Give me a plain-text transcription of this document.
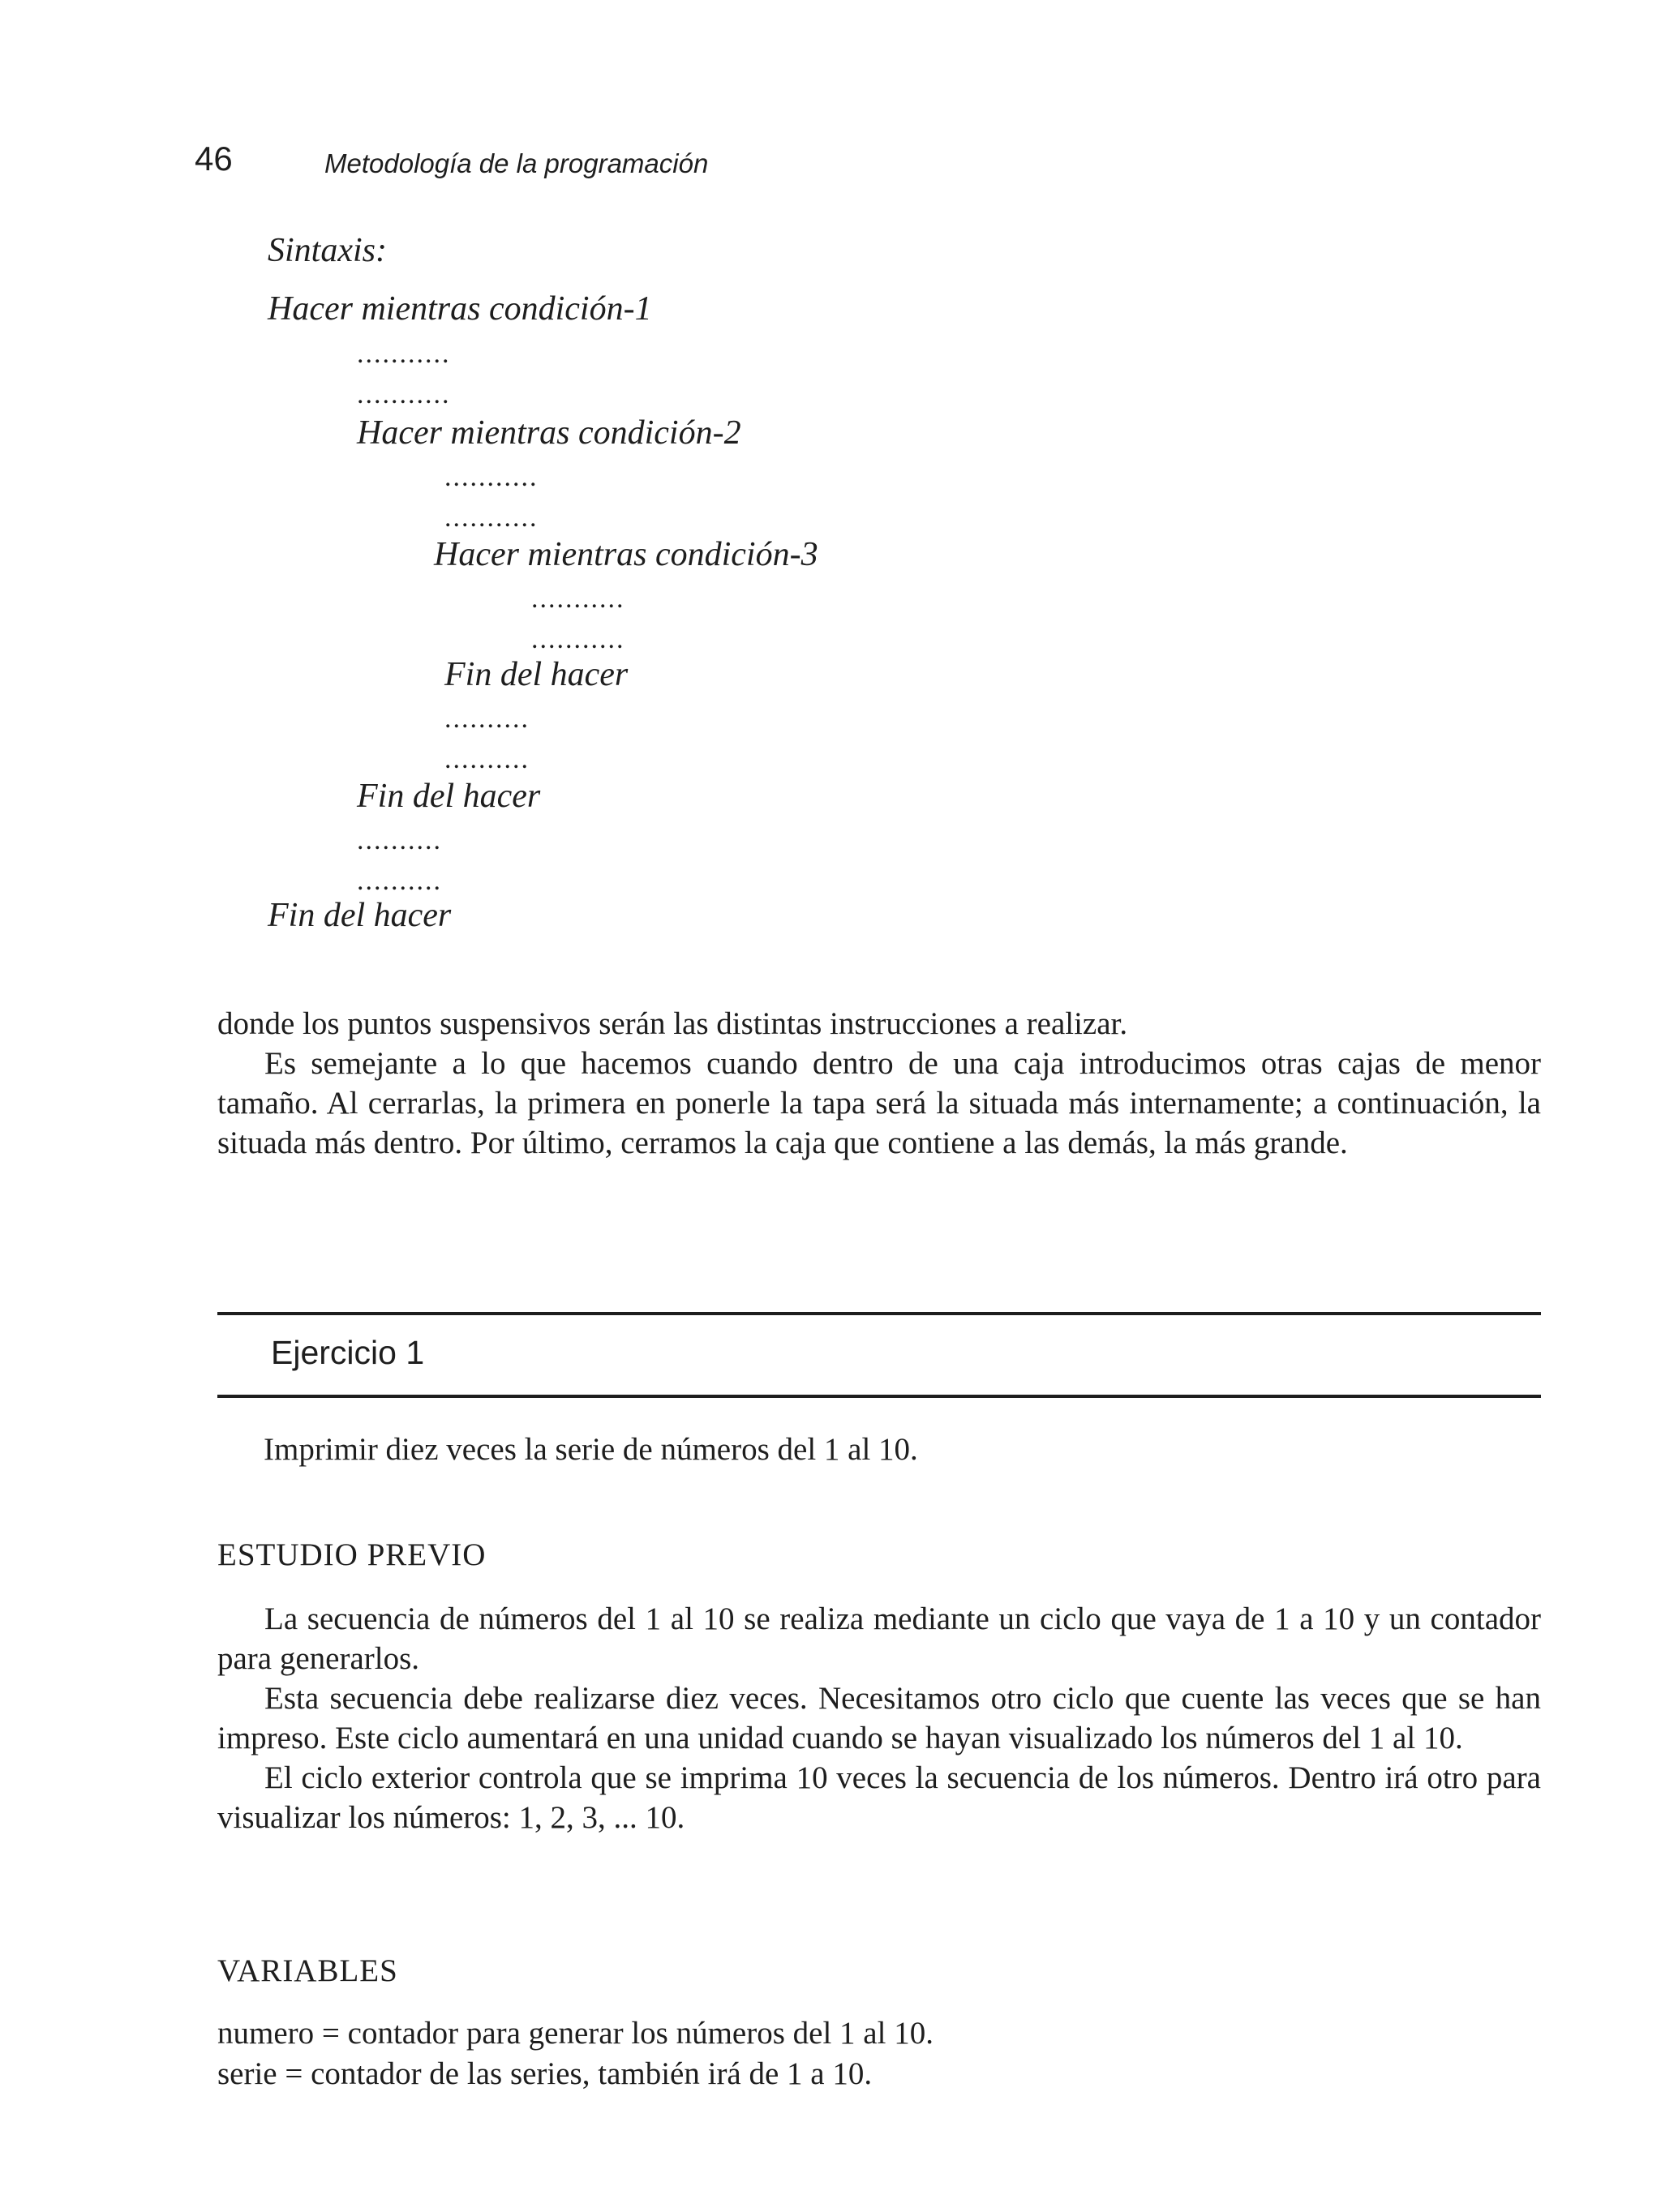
46	Metodología de la programación
Sintaxis:
Hacer mientras condición-1
...........
...........
Hacer mientras condición-2
...........
...........
Hacer mientras condición-3
...........
...........
Fin del hacer
..........
..........
Fin del hacer
..........
..........
Fin del hacer

donde los puntos suspensivos serán las distintas instrucciones a realizar.

Es semejante a lo que hacemos cuando dentro de una caja introducimos otras cajas de menor tamaño. Al cerrarlas, la primera en ponerle la tapa será la situada más internamente; a continuación, la situada más dentro. Por último, cerramos la caja que contiene a las demás, la más grande.

Ejercicio 1
Imprimir diez veces la serie de números del 1 al 10.
ESTUDIO PREVIO

La secuencia de números del 1 al 10 se realiza mediante un ciclo que vaya de 1 a 10 y un contador para generarlos.

Esta secuencia debe realizarse diez veces. Necesitamos otro ciclo que cuente las veces que se han impreso. Este ciclo aumentará en una unidad cuando se hayan visualizado los números del 1 al 10.

El ciclo exterior controla que se imprima 10 veces la secuencia de los números. Dentro irá otro para visualizar los números: 1, 2, 3, ... 10.

VARIABLES
numero = contador para generar los números del 1 al 10.
serie = contador de las series, también irá de 1 a 10.
